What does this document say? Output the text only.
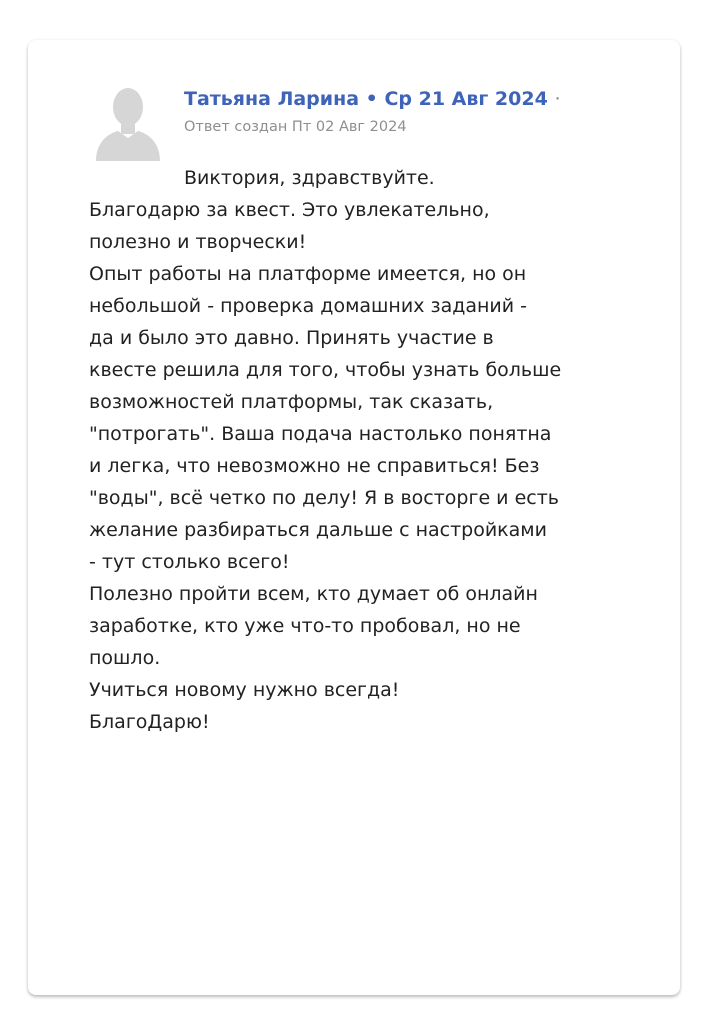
Татьяна Ларина • Ср 21 Авг 2024 ·
Ответ создан Пт 02 Авг 2024
Виктория, здравствуйте.
Благодарю за квест. Это увлекательно,
полезно и творчески!
Опыт работы на платформе имеется, но он
небольшой - проверка домашних заданий -
да и было это давно. Принять участие в
квесте решила для того, чтобы узнать больше
возможностей платформы, так сказать,
"потрогать". Ваша подача настолько понятна
и легка, что невозможно не справиться! Без
"воды", всё четко по делу! Я в восторге и есть
желание разбираться дальше с настройками
- тут столько всего!
Полезно пройти всем, кто думает об онлайн
заработке, кто уже что-то пробовал, но не
пошло.
Учиться новому нужно всегда!
БлагоДарю!
